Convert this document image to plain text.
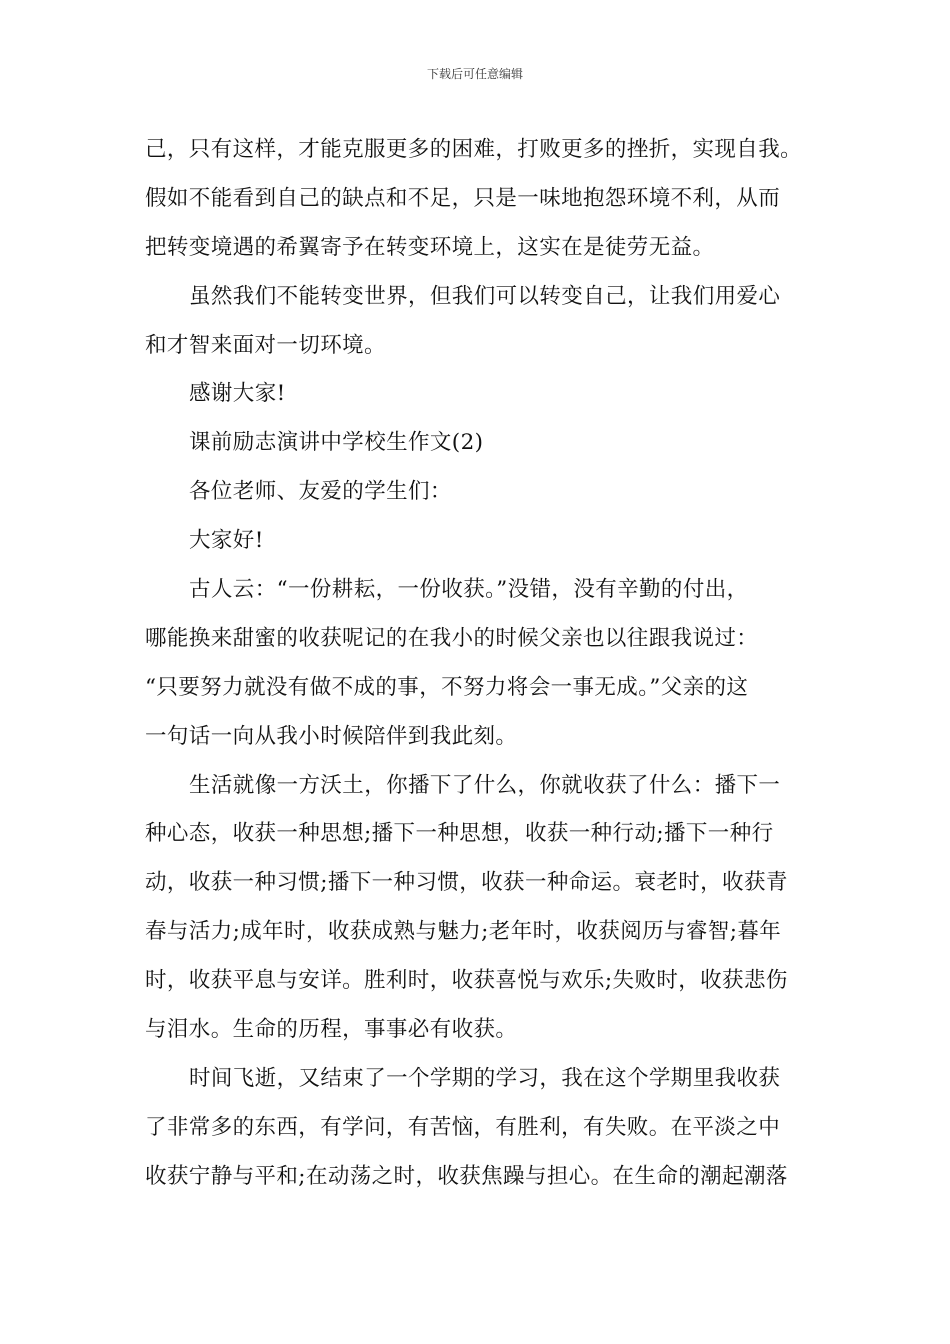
下载后可任意编辑
己，只有这样，才能克服更多的困难，打败更多的挫折，实现自我。
假如不能看到自己的缺点和不足，只是一味地抱怨环境不利，从而
把转变境遇的希翼寄予在转变环境上，这实在是徒劳无益。
虽然我们不能转变世界，但我们可以转变自己，让我们用爱心
和才智来面对一切环境。
感谢大家!
课前励志演讲中学校生作文(2)
各位老师、友爱的学生们：
大家好!
古人云：“一份耕耘，一份收获。”没错，没有辛勤的付出，
哪能换来甜蜜的收获呢记的在我小的时候父亲也以往跟我说过：
“只要努力就没有做不成的事，不努力将会一事无成。”父亲的这
一句话一向从我小时候陪伴到我此刻。
生活就像一方沃土，你播下了什么，你就收获了什么：播下一
种心态，收获一种思想;播下一种思想，收获一种行动;播下一种行
动，收获一种习惯;播下一种习惯，收获一种命运。衰老时，收获青
春与活力;成年时，收获成熟与魅力;老年时，收获阅历与睿智;暮年
时，收获平息与安详。胜利时，收获喜悦与欢乐;失败时，收获悲伤
与泪水。生命的历程，事事必有收获。
时间飞逝，又结束了一个学期的学习，我在这个学期里我收获
了非常多的东西，有学问，有苦恼，有胜利，有失败。在平淡之中
收获宁静与平和;在动荡之时，收获焦躁与担心。在生命的潮起潮落
